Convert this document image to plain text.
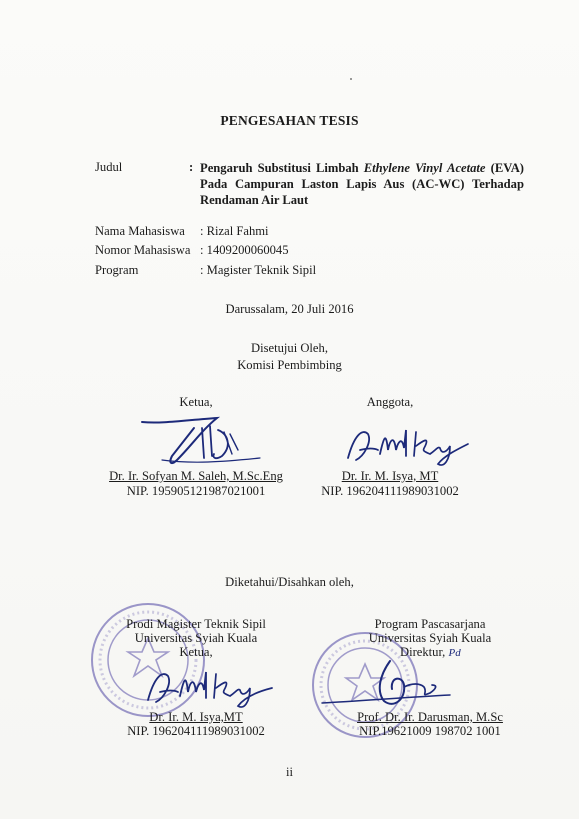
PENGESAHAN TESIS
Judul	: Pengaruh Substitusi Limbah Ethylene Vinyl Acetate (EVA) Pada Campuran Laston Lapis Aus (AC-WC) Terhadap Rendaman Air Laut
Nama Mahasiswa : Rizal Fahmi
Nomor Mahasiswa : 1409200060045
Program	: Magister Teknik Sipil
Darussalam, 20 Juli 2016
Disetujui Oleh,
Komisi Pembimbing
Ketua,
Dr. Ir. Sofyan M. Saleh, M.Sc.Eng
NIP. 195905121987021001
Anggota,
Dr. Ir. M. Isya, MT
NIP. 196204111989031002
Diketahui/Disahkan oleh,
Prodi Magister Teknik Sipil
Universitas Syiah Kuala
Ketua,
Dr. Ir. M. Isya,MT
NIP. 196204111989031002
Program Pascasarjana
Universitas Syiah Kuala
Direktur, Pd
Prof. Dr. Ir. Darusman, M.Sc
NIP.19621009 198702 1001
ii
